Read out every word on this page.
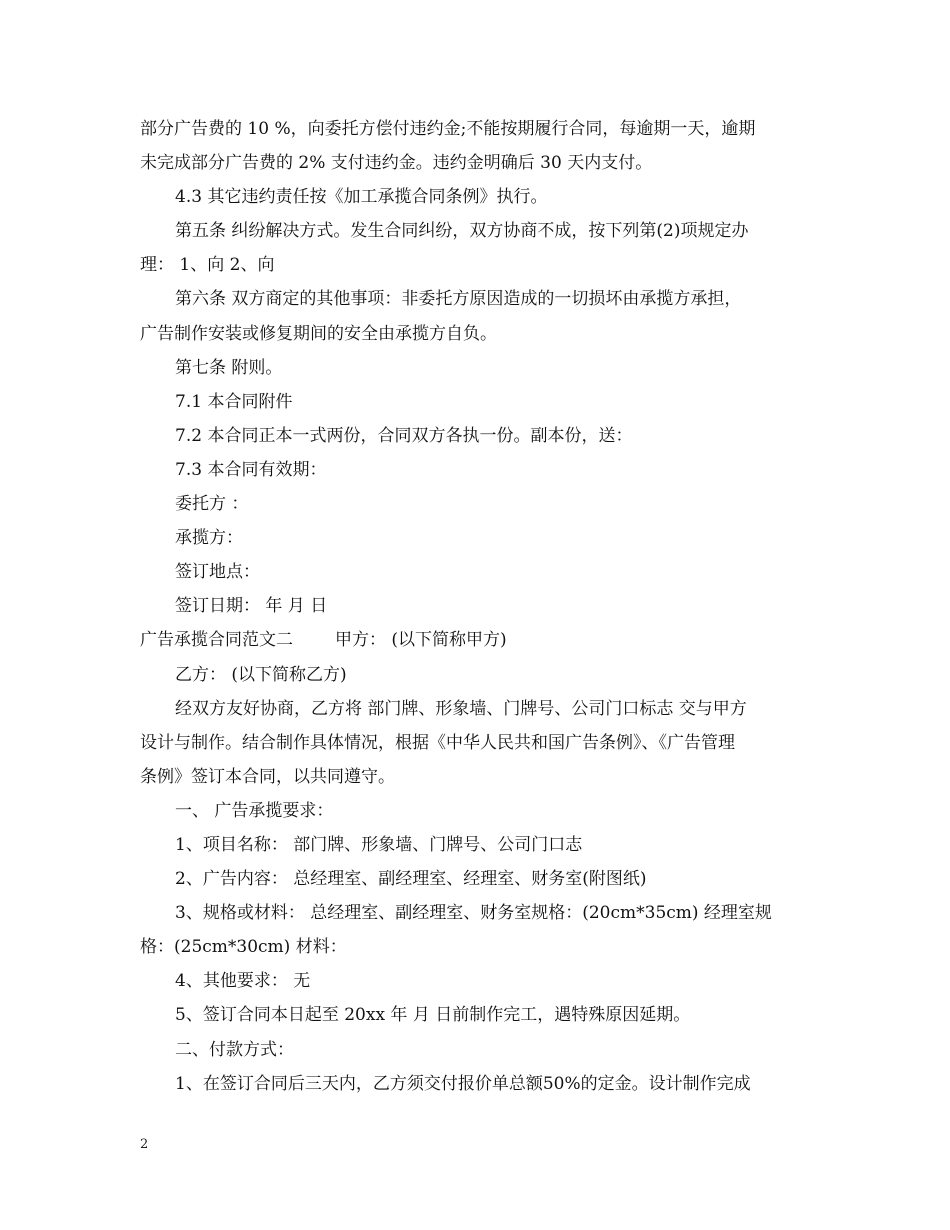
部分广告费的 10 %，向委托方偿付违约金;不能按期履行合同，每逾期一天，逾期
未完成部分广告费的 2% 支付违约金。违约金明确后 30 天内支付。
4.3 其它违约责任按《加工承揽合同条例》执行。
第五条 纠纷解决方式。发生合同纠纷，双方协商不成，按下列第(2)项规定办
理： 1、向 2、向
第六条 双方商定的其他事项：非委托方原因造成的一切损坏由承揽方承担，
广告制作安装或修复期间的安全由承揽方自负。
第七条 附则。
7.1 本合同附件
7.2 本合同正本一式两份，合同双方各执一份。副本份，送：
7.3 本合同有效期：
委托方 ：
承揽方：
签订地点：
签订日期： 年 月 日
广告承揽合同范文二 甲方： (以下简称甲方)
乙方： (以下简称乙方)
经双方友好协商，乙方将 部门牌、形象墙、门牌号、公司门口标志 交与甲方
设计与制作。结合制作具体情况，根据《中华人民共和国广告条例》、《广告管理
条例》签订本合同，以共同遵守。
一、 广告承揽要求：
1、项目名称： 部门牌、形象墙、门牌号、公司门口志
2、广告内容： 总经理室、副经理室、经理室、财务室(附图纸)
3、规格或材料： 总经理室、副经理室、财务室规格：(20cm*35cm) 经理室规
格：(25cm*30cm) 材料：
4、其他要求： 无
5、签订合同本日起至 20xx 年 月 日前制作完工，遇特殊原因延期。
二、付款方式：
1、在签订合同后三天内，乙方须交付报价单总额50%的定金。设计制作完成
2
